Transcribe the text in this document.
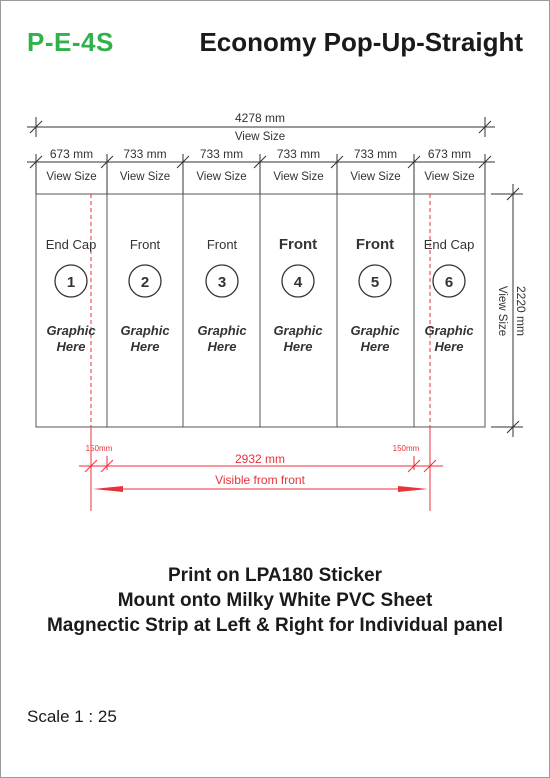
P-E-4S	Economy Pop-Up-Straight
4278 mm
View Size
673 mm
View Size
733 mm
View Size
733 mm
View Size
733 mm
View Size
733 mm
View Size
673 mm
View Size
End Cap
1
Graphic
Here
Front
2
Graphic
Here
Front
3
Graphic
Here
Front
4
Graphic
Here
Front
5
Graphic
Here
End Cap
6
Graphic
Here
2220 mm
View Size
150mm	150mm
2932 mm
Visible from front
Print on LPA180 Sticker
Mount onto Milky White PVC Sheet
Magnectic Strip at Left & Right for Individual panel
Scale 1 : 25
